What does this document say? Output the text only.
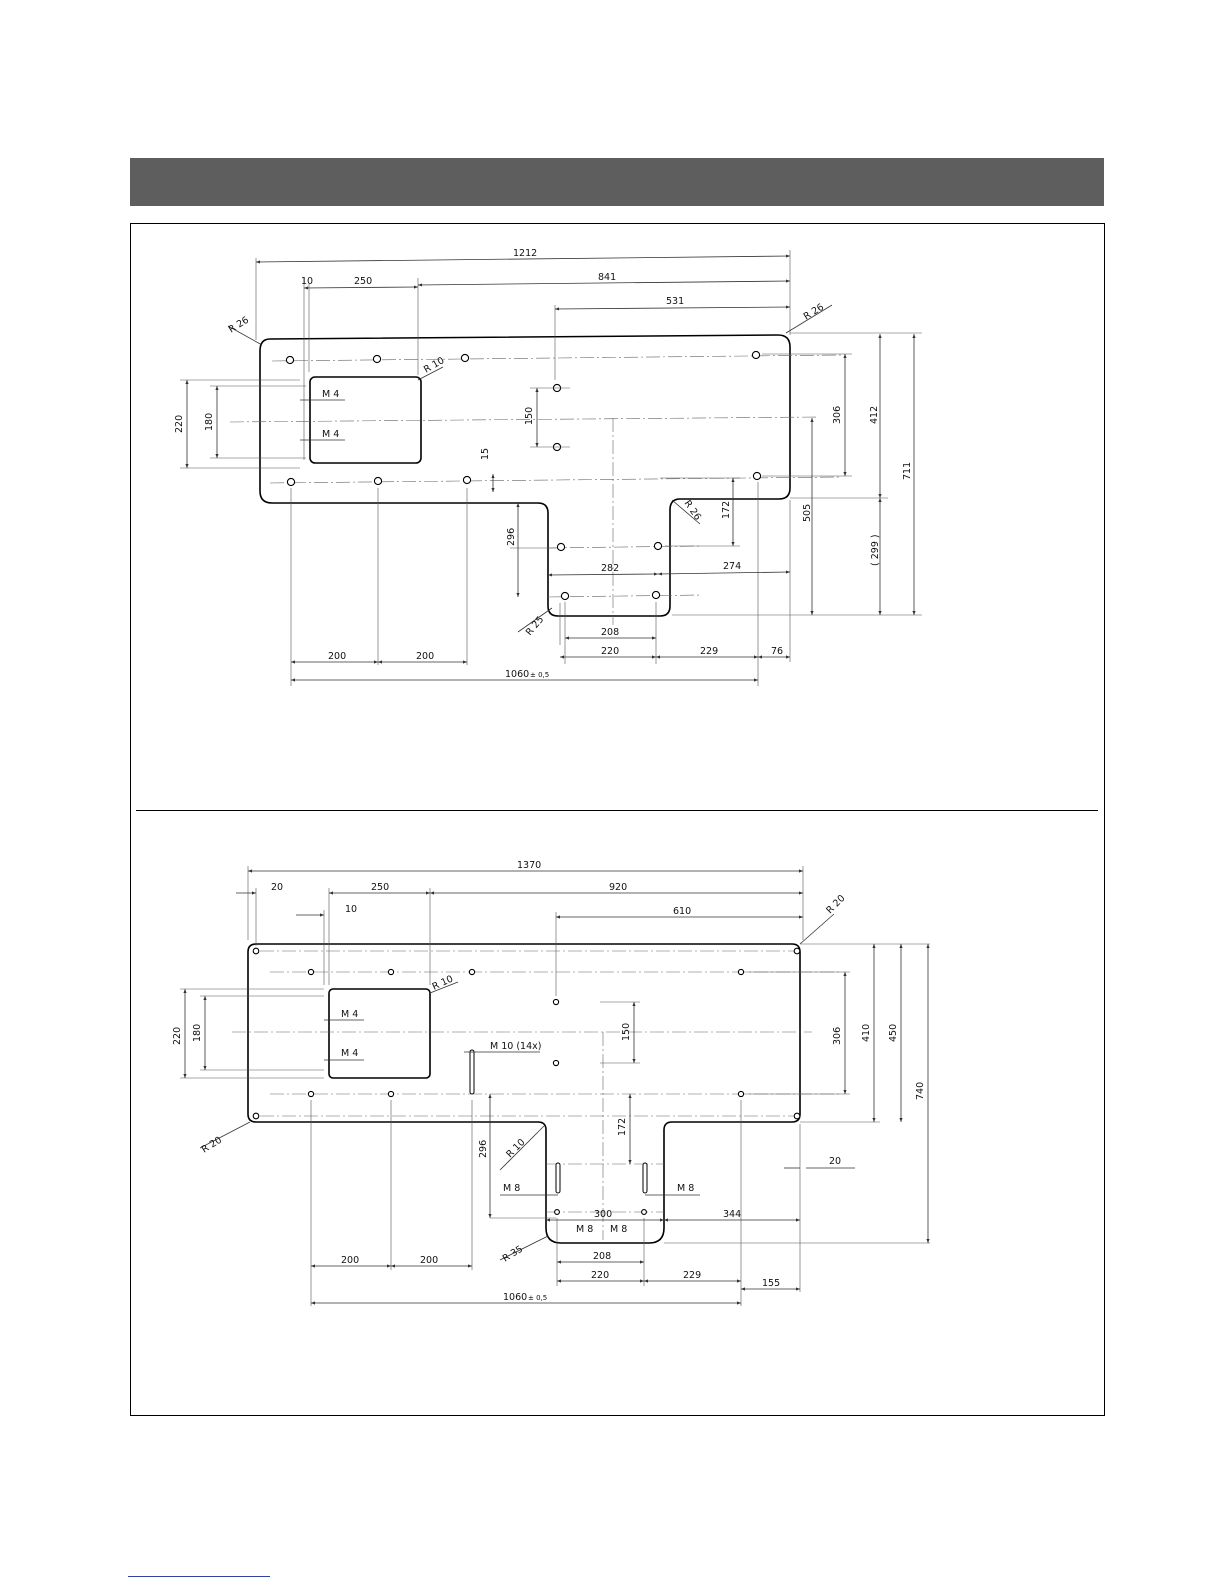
1212
841
531
10	250
R 26
R 26
R 10
R 26
R 25
M 4
M 4
220 180	150
15
306	412
711
505
( 299 )
172
296
282	274
208
220	229	76
200	200
1060 ± 0,5
1370
20	250	920
10	610	R 20
R 10
R 20	R 10
R 35
M 4
M 4
M 10 (14x)
M 8	M 8
M 8 M 8
220 180	150	306 410 450
740
172
296
20
300	344
208
220	229
155
200	200
1060 ± 0,5
